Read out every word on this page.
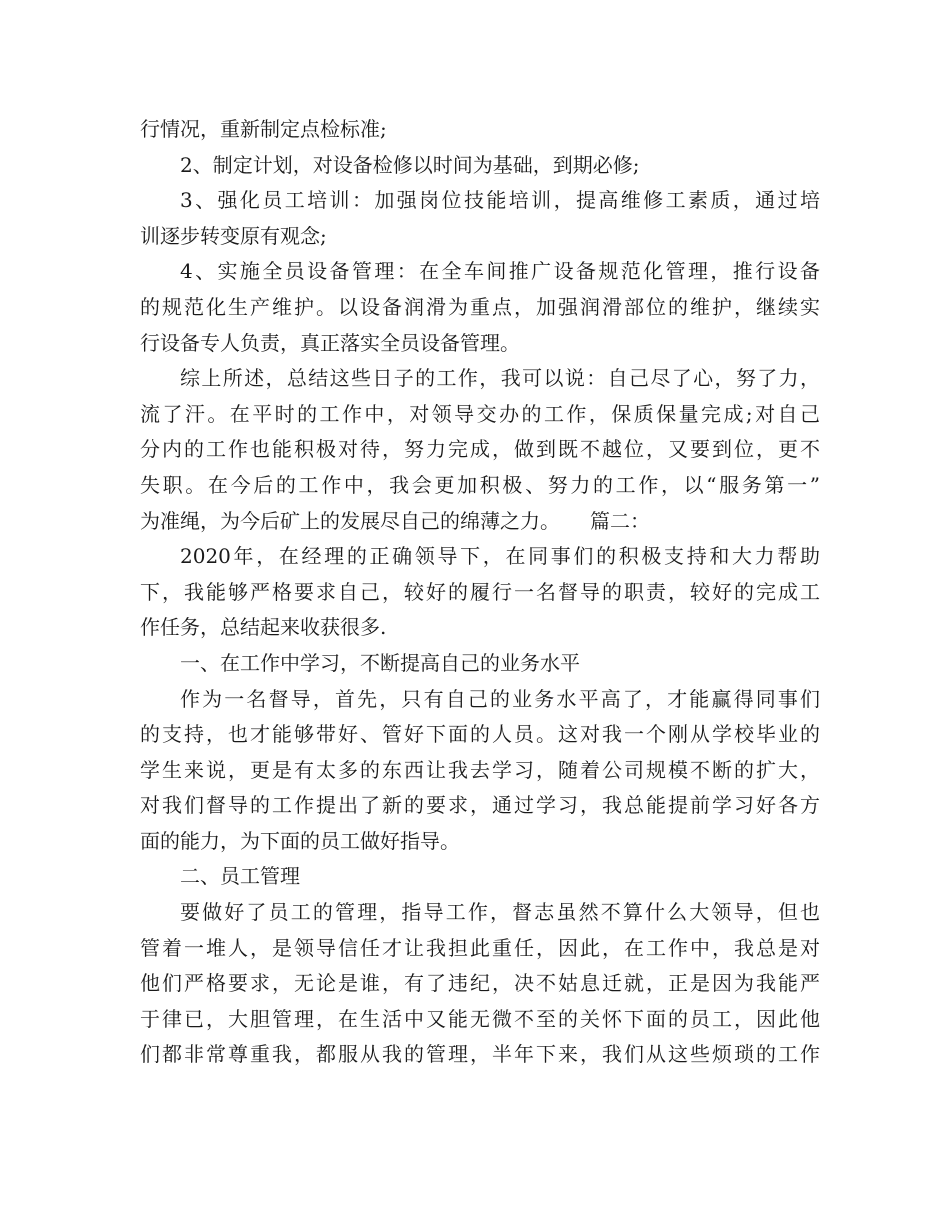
行情况，重新制定点检标准;

2、制定计划，对设备检修以时间为基础，到期必修;

3、强化员工培训：加强岗位技能培训，提高维修工素质，通过培

训逐步转变原有观念;

4、实施全员设备管理：在全车间推广设备规范化管理，推行设备

的规范化生产维护。以设备润滑为重点，加强润滑部位的维护，继续实

行设备专人负责，真正落实全员设备管理。

综上所述，总结这些日子的工作，我可以说：自己尽了心，努了力，

流了汗。在平时的工作中，对领导交办的工作，保质保量完成;对自己

分内的工作也能积极对待，努力完成，做到既不越位，又要到位，更不

失职。在今后的工作中，我会更加积极、努力的工作，以“服务第一”

为准绳，为今后矿上的发展尽自己的绵薄之力。　　篇二：

2020年，在经理的正确领导下，在同事们的积极支持和大力帮助

下，我能够严格要求自己，较好的履行一名督导的职责，较好的完成工

作任务，总结起来收获很多.

一、在工作中学习，不断提高自己的业务水平

作为一名督导，首先，只有自己的业务水平高了，才能赢得同事们

的支持，也才能够带好、管好下面的人员。这对我一个刚从学校毕业的

学生来说，更是有太多的东西让我去学习，随着公司规模不断的扩大，

对我们督导的工作提出了新的要求，通过学习，我总能提前学习好各方

面的能力，为下面的员工做好指导。

二、员工管理

要做好了员工的管理，指导工作，督志虽然不算什么大领导，但也

管着一堆人，是领导信任才让我担此重任，因此，在工作中，我总是对

他们严格要求，无论是谁，有了违纪，决不姑息迁就，正是因为我能严

于律已，大胆管理，在生活中又能无微不至的关怀下面的员工，因此他

们都非常尊重我，都服从我的管理，半年下来，我们从这些烦琐的工作
